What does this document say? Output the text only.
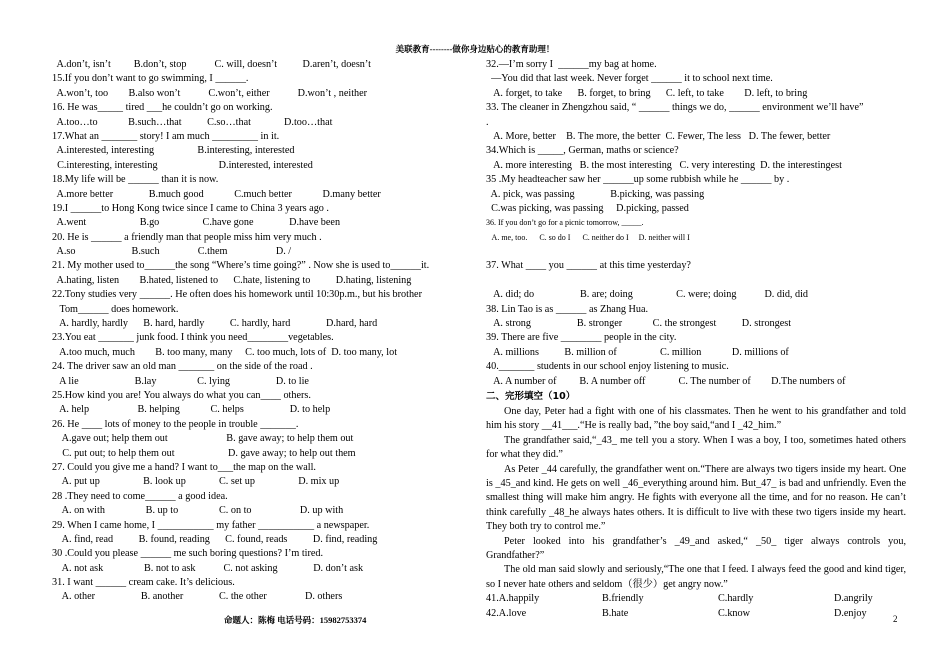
美联教育--------做你身边贴心的教育助理！
A.don’t, isn’t         B.don’t, stop           C. will, doesn’t          D.aren’t, doesn’t
15.If you don’t want to go swimming, I ______.
A.won’t, too        B.also won’t           C.won’t, either           D.won’t , neither
16. He was_____ tired ___he couldn’t go on working.
A.too…to            B.such…that          C.so…that             D.too…that
17.What an _______ story! I am much _________ in it.
A.interested, interesting                 B.interesting, interested
C.interesting, interesting                        D.interested, interested
18.My life will be ______ than it is now.
A.more better              B.much good            C.much better            D.many better
19.I ______to Hong Kong twice since I came to China 3 years ago .
A.went                     B.go                 C.have gone              D.have been
20. He is ______ a friendly man that people miss him very much .
A.so                      B.such               C.them                   D. /
21. My mother used to______the song “Where’s time going?” . Now she is used to______it.
A.hating, listen        B.hated, listened to      C.hate, listening to          D.hating, listening
22.Tony studies very ______. He often does his homework until 10:30p.m., but his brother
Tom______ does homework.
A. hardly, hardly      B. hard, hardly          C. hardly, hard              D.hard, hard
23.You eat _______ junk food. I think you need________vegetables.
A.too much, much        B. too many, many     C. too much, lots of  D. too many, lot
24. The driver saw an old man _______ on the side of the road .
A lie                      B.lay                C. lying                  D. to lie
25.How kind you are! You always do what you can____ others.
A. help                   B. helping            C. helps                  D. to help
26. He ____ lots of money to the people in trouble _______.
A.gave out; help them out                       B. gave away; to help them out
C. put out; to help them out                     D. gave away; to help out them
27. Could you give me a hand? I want to___the map on the wall.
A. put up                 B. look up             C. set up                 D. mix up
28 .They need to come______ a good idea.
A. on with                B. up to                C. on to                   D. up with
29. When I came home, I ___________ my father ___________ a newspaper.
A. find, read          B. found, reading      C. found, reads          D. find, reading
30 .Could you please ______ me such boring questions? I’m tired.
A. not ask                B. not to ask           C. not asking              D. don’t ask
31. I want ______ cream cake. It’s delicious.
A. other                  B. another              C. the other               D. others
32.—I’m sorry I  ______my bag at home.
—You did that last week. Never forget ______ it to school next time.
A. forget, to take      B. forget, to bring      C. left, to take        D. left, to bring
33. The cleaner in Zhengzhou said, “ ______ things we do, ______ environment we’ll have”
.
A. More, better    B. The more, the better  C. Fewer, The less   D. The fewer, better
34.Which is _____, German, maths or science?
A. more interesting   B. the most interesting   C. very interesting  D. the interestingest
35 .My headteacher saw her ______up some rubbish while he ______ by .
A. pick, was passing              B.picking, was passing
C.was picking, was passing     D.picking, passed
36. If you don’t go for a picnic tomorrow, _____.
A. me, too.      C. so do I      C. neither do I     D. neither will I
37. What ____ you ______ at this time yesterday?
A. did; do                  B. are; doing                 C. were; doing           D. did, did
38. Lin Tao is as ______ as Zhang Hua.
A. strong                  B. stronger            C. the strongest          D. strongest
39. There are five ________ people in the city.
A. millions          B. million of                 C. million            D. millions of
40._______ students in our school enjoy listening to music.
A. A number of         B. A number off             C. The number of        D.The numbers of
二、完形填空（10）

One day, Peter had a fight with one of his classmates. Then he went to his grandfather and told him his story __41___.“He is really bad，”the boy said,“and I _42_him.”

The grandfather said,“_43_ me tell you a story. When I was a boy, I too, sometimes hated others for what they did.”

As Peter _44 carefully, the grandfather went on.“There are always two tigers inside my heart. One is _45_and kind. He gets on well _46_everything around him. But_47_ is bad and unfriendly. Even the smallest thing will make him angry. He fights with everyone all the time, and for no reason. He can’t think carefully _48_he always hates others. It is difficult to live with these two tigers inside my heart. They both try to control me.”

Peter looked into his grandfather’s _49_and asked,“ _50_ tiger always controls you, Grandfather?”

The old man said slowly and seriously,“The one that I feed. I always feed the good and kind tiger, so I never hate others and seldom（很少）get angry now.”

41.A.happily	B.friendly	C.hardly	D.angrily
42.A.love	B.hate	C.know	D.enjoy
命题人：陈梅 电话号码：15982753374	2
